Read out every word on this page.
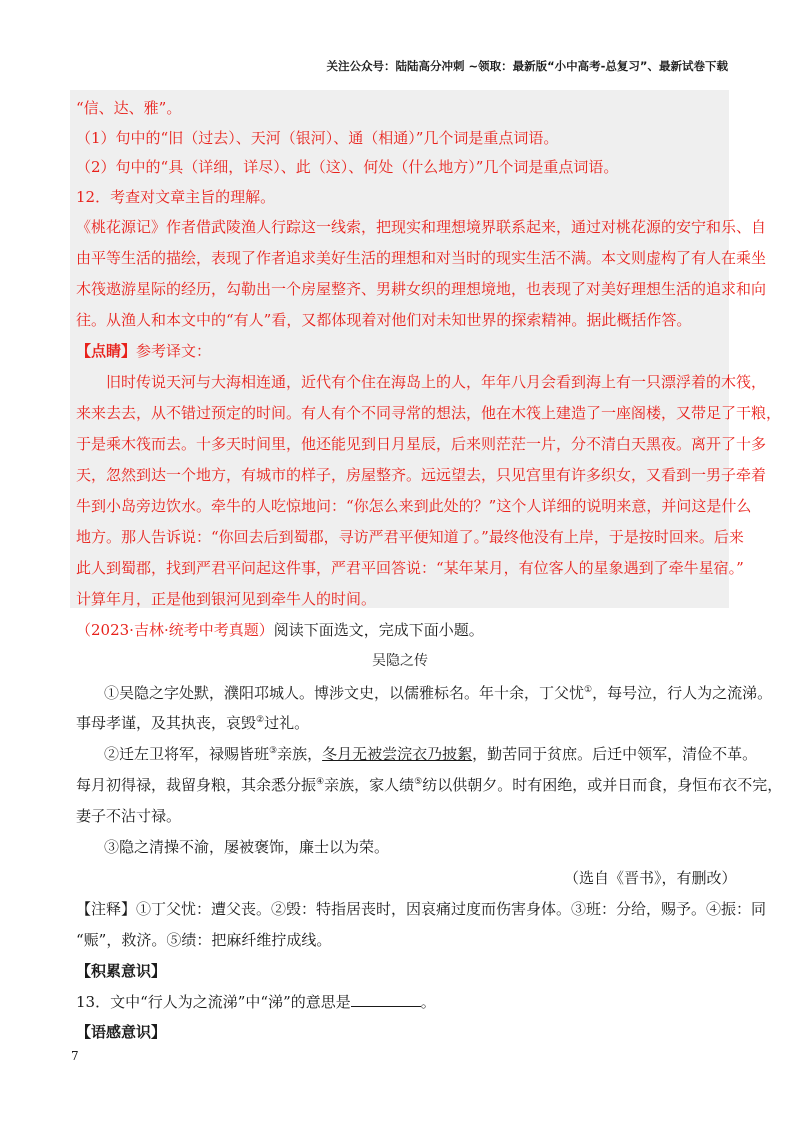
关注公众号：陆陆高分冲刺 ~领取：最新版“小中高考-总复习”、最新试卷下载
“信、达、雅”。
（1）句中的“旧（过去）、天河（银河）、通（相通）”几个词是重点词语。
（2）句中的“具（详细，详尽）、此（这）、何处（什么地方）”几个词是重点词语。
12．考查对文章主旨的理解。
《桃花源记》作者借武陵渔人行踪这一线索，把现实和理想境界联系起来，通过对桃花源的安宁和乐、自
由平等生活的描绘，表现了作者追求美好生活的理想和对当时的现实生活不满。本文则虚构了有人在乘坐
木筏遨游星际的经历，勾勒出一个房屋整齐、男耕女织的理想境地，也表现了对美好理想生活的追求和向
往。从渔人和本文中的“有人”看，又都体现着对他们对未知世界的探索精神。据此概括作答。
【点睛】参考译文：
旧时传说天河与大海相连通，近代有个住在海岛上的人，年年八月会看到海上有一只漂浮着的木筏，
来来去去，从不错过预定的时间。有人有个不同寻常的想法，他在木筏上建造了一座阁楼，又带足了干粮，
于是乘木筏而去。十多天时间里，他还能见到日月星辰，后来则茫茫一片，分不清白天黑夜。离开了十多
天，忽然到达一个地方，有城市的样子，房屋整齐。远远望去，只见宫里有许多织女，又看到一男子牵着
牛到小岛旁边饮水。牵牛的人吃惊地问：“你怎么来到此处的？”这个人详细的说明来意，并问这是什么
地方。那人告诉说：“你回去后到蜀郡，寻访严君平便知道了。”最终他没有上岸，于是按时回来。后来
此人到蜀郡，找到严君平问起这件事，严君平回答说：“某年某月，有位客人的星象遇到了牵牛星宿。”
计算年月，正是他到银河见到牵牛人的时间。
（2023·吉林·统考中考真题）阅读下面选文，完成下面小题。
吴隐之传
①吴隐之字处默，濮阳邛城人。博涉文史，以儒雅标名。年十余，丁父忧①，每号泣，行人为之流涕。
事母孝谨，及其执丧，哀毁②过礼。
②迁左卫将军，禄赐皆班③亲族，冬月无被尝浣衣乃披絮，勤苦同于贫庶。后迁中领军，清俭不革。
每月初得禄，裁留身粮，其余悉分振④亲族，家人绩⑤纺以供朝夕。时有困绝，或并日而食，身恒布衣不完，
妻子不沾寸禄。
③隐之清操不渝，屡被褒饰，廉士以为荣。
（选自《晋书》，有删改）
【注释】①丁父忧：遭父丧。②毁：特指居丧时，因哀痛过度而伤害身体。③班：分给，赐予。④振：同
“赈”，救济。⑤绩：把麻纤维拧成线。
【积累意识】
13．文中“行人为之流涕”中“涕”的意思是	。
【语感意识】
7
